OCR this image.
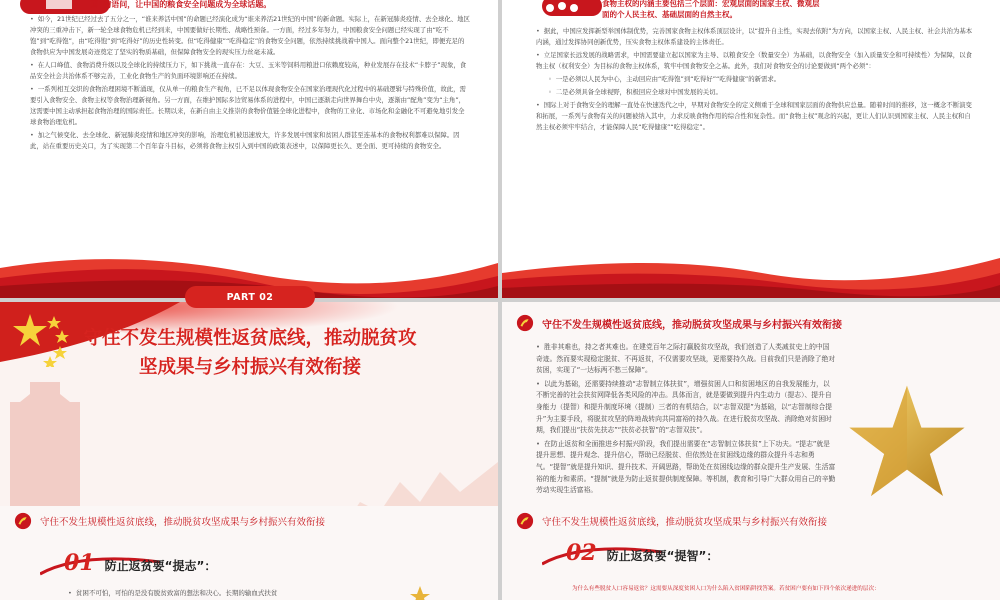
国”的语问，让中国的粮食安全问题成为全球话题。

• 如今，21世纪已经过去了五分之一，“谁来养活中国”的命题已经演化成为“谁来养活21世纪的中国”的新命题。实际上，在新冠肺炎疫情、去全球化、地区冲突的三重冲击下，新一轮全球食物危机已经到来，中国要做好长期性、战略性预备。一方面，经过多年努力，中国粮食安全问题已经实现了由“吃不饱”到“吃得饱”，由“吃得饱”到“吃得好”的历史性转变。但“吃得健康”“吃得稳定”的食物安全问题，依然持续挑战着中国人。面向整个21世纪，即便充足的食物供应为中国发展奇迹奠定了坚实的物质基础，但保障食物安全的现实压力丝毫未减。

• 在人口峰值、食物消费升级以及全球化的持续压力下，如下挑战一直存在：大豆、玉米等饲料用粮进口依赖度较高，种业发展存在技术“卡脖子”现象，食品安全社会共治体系不够完善，工业化食物生产的负面环境影响还在持续。

• 一系列相互交织的食物治理困境不断涌现，仅从单一的粮食生产视角，已不足以体现食物安全在国家治理现代化过程中的基础逻辑与特殊价值，故此，需要引入食物安全、食物主权等食物治理新视角。另一方面，在维护国际多边贸易体系的进程中，中国已逐渐走向世界舞台中央，逐渐由“配角”变为“主角”，这需要中国主动承担起食物治理的国际责任。长期以来，在新自由主义推崇的食物价值链全球化进程中，食物的工业化、市场化和金融化不可避免地引发全球食物治理危机。

• 加之气候变化、去全球化、新冠肺炎疫情和地区冲突的影响，治理危机被迅速放大，许多发展中国家和贫困人群甚至连基本的食物权利都难以保障。因此，站在重要历史关口，为了实现第二个百年奋斗目标，必须将食物主权引入到中国的政策表述中，以保障更长久、更全面、更可持续的食物安全。

食物主权的内涵主要包括三个层面：宏观层面的国家主权、微观层
面的个人民主权、基础层面的自然主权。

• 据此，中国应发挥新型举国体制优势，完善国家食物主权体系顶层设计，以“提升自主性，实现去依附”为方向，以国家主权、人民主权、社会共治为基本内涵，通过发挥协同创新优势，压实食物主权体系建设的主体责任。

• 立足国家长远发展的战略需求，中国需要建立起以国家为主导、以粮食安全（数量安全）为基础，以食物安全（加入质量安全和可持续性）为保障，以食物主权（权利安全）为目标的食物主权体系，筑牢中国食物安全之基。此外，我们对食物安全的讨论要做到“两个必须”：

◦ 一是必须以人民为中心，主动回应由“吃得饱”到“吃得好”“吃得健康”的新需求。

◦ 二是必须具备全球视野，积极回应全球对中国发展的关切。

• 国际上对于食物安全的理解一直处在快速迭代之中，早期对食物安全的定义侧重于全球和国家层面的食物供应总量。随着时间的推移，这一概念不断演变和拓展，一系列与食物有关的问题被纳入其中，力求反映食物作用的综合性和复杂性。而“食物主权”观念的兴起，更让人们认识到国家主权、人民主权和自然主权必须牢牢结合，才能保障人民“吃得健康”“吃得稳定”。

PART 02
守住不发生规模性返贫底线，推动脱贫攻坚成果与乡村振兴有效衔接
守住不发生规模性返贫底线，推动脱贫攻坚成果与乡村振兴有效衔接

• 胜非其难也，持之者其难也。在建党百年之际打赢脱贫攻坚战，我们创造了人类减贫史上的中国奇迹。然而要实现稳定脱贫、不再返贫，不仅需要攻坚战，更需要持久战。目前我们只是消除了绝对贫困，实现了“一达标两不愁三保障”。

• 以此为基础，还需要持续推动“志智制立体扶贫”，增强贫困人口和贫困地区的自我发展能力，以不断完善的社会扶贫网降低各类风险的冲击。具体而言，就是要做到提升内生动力（提志）、提升自身能力（提智）和提升制度环境（提制）三者的有机结合，以“志智双提”为基础，以“志智制综合提升”为主要手段，将脱贫攻坚的阵地战转向共同富裕的持久战。在进行脱贫攻坚战、消除绝对贫困时期，我们提出“扶贫先扶志”“扶贫必扶智”的“志智双扶”。

• 在防止返贫和全面推进乡村振兴阶段，我们提出需要在“志智制立体扶贫”上下功夫。“提志”就是提升思想、提升观念、提升信心，帮助已经脱贫、但依然处在贫困线边缘的群众提升斗志和勇气。“提智”就是提升知识、提升技术、开阔思路，帮助处在贫困线边缘的群众提升生产发展、生活富裕的能力和素质。“提制”就是为防止返贫提供制度保障。等机制，教育和引导广大群众用自己的辛勤劳动实现生活富裕。

守住不发生规模性返贫底线，推动脱贫攻坚成果与乡村振兴有效衔接
01 防止返贫要“提志”：

• 贫困不可怕，可怕的是没有脱贫致富的想法和决心。长期的输血式扶贫

守住不发生规模性返贫底线，推动脱贫攻坚成果与乡村振兴有效衔接
02 防止返贫要“提智”：
为什么有些脱贫人口容易返贫？这需要从深度贫困人口为什么陷入贫困陷阱找答案。若贫困户要有如下四个依次递进的层次：
